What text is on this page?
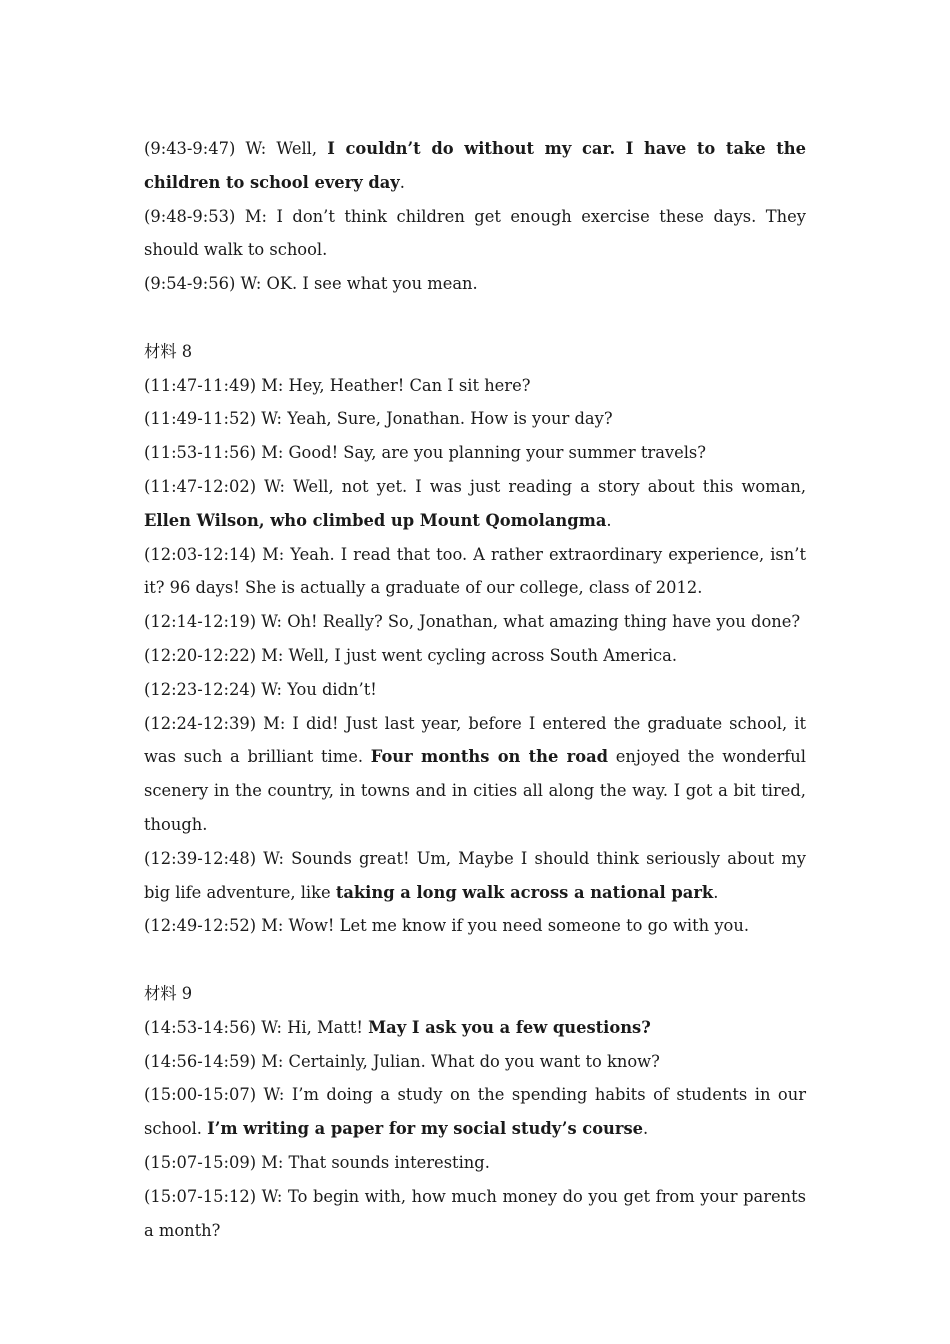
(9:43-9:47) W: Well, I couldn’t do without my car. I have to take the children to school every day.

(9:48-9:53) M: I don’t think children get enough exercise these days. They should walk to school.

(9:54-9:56) W: OK. I see what you mean.

材料 8

(11:47-11:49) M: Hey, Heather! Can I sit here?

(11:49-11:52) W: Yeah, Sure, Jonathan. How is your day?

(11:53-11:56) M: Good! Say, are you planning your summer travels?

(11:47-12:02) W: Well, not yet. I was just reading a story about this woman, Ellen Wilson, who climbed up Mount Qomolangma.

(12:03-12:14) M: Yeah. I read that too. A rather extraordinary experience, isn’t it? 96 days! She is actually a graduate of our college, class of 2012.

(12:14-12:19) W: Oh! Really? So, Jonathan, what amazing thing have you done?

(12:20-12:22) M: Well, I just went cycling across South America.

(12:23-12:24) W: You didn’t!

(12:24-12:39) M: I did! Just last year, before I entered the graduate school, it was such a brilliant time. Four months on the road enjoyed the wonderful scenery in the country, in towns and in cities all along the way. I got a bit tired, though.

(12:39-12:48) W: Sounds great! Um, Maybe I should think seriously about my big life adventure, like taking a long walk across a national park.

(12:49-12:52) M: Wow! Let me know if you need someone to go with you.

材料 9

(14:53-14:56) W: Hi, Matt! May I ask you a few questions?

(14:56-14:59) M: Certainly, Julian. What do you want to know?

(15:00-15:07) W: I’m doing a study on the spending habits of students in our school. I’m writing a paper for my social study’s course.

(15:07-15:09) M: That sounds interesting.

(15:07-15:12) W: To begin with, how much money do you get from your parents a month?
